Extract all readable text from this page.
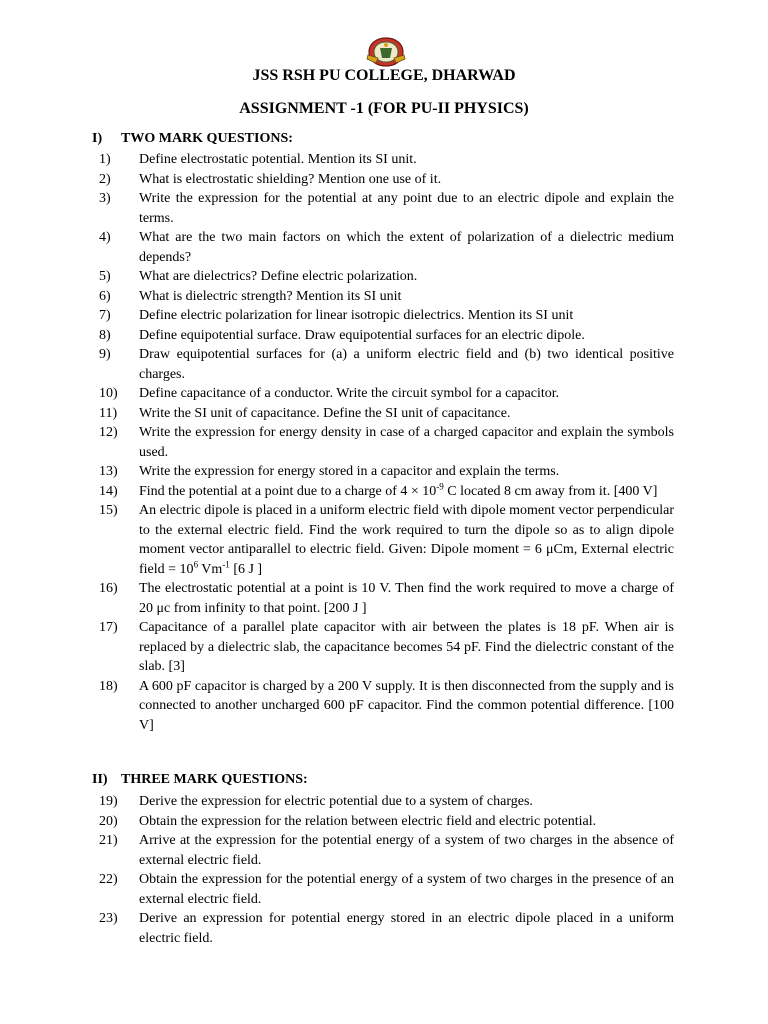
JSS RSH PU COLLEGE, DHARWAD
ASSIGNMENT -1 (FOR PU-II PHYSICS)
I) TWO MARK QUESTIONS:
1) Define electrostatic potential. Mention its SI unit.
2) What is electrostatic shielding? Mention one use of it.
3) Write the expression for the potential at any point due to an electric dipole and explain the terms.
4) What are the two main factors on which the extent of polarization of a dielectric medium depends?
5) What are dielectrics? Define electric polarization.
6) What is dielectric strength? Mention its SI unit
7) Define electric polarization for linear isotropic dielectrics. Mention its SI unit
8) Define equipotential surface. Draw equipotential surfaces for an electric dipole.
9) Draw equipotential surfaces for (a) a uniform electric field and (b) two identical positive charges.
10) Define capacitance of a conductor. Write the circuit symbol for a capacitor.
11) Write the SI unit of capacitance. Define the SI unit of capacitance.
12) Write the expression for energy density in case of a charged capacitor and explain the symbols used.
13) Write the expression for energy stored in a capacitor and explain the terms.
14) Find the potential at a point due to a charge of $4 \times 10^{-9}$ C located 8 cm away from it. [400 V]
15) An electric dipole is placed in a uniform electric field with dipole moment vector perpendicular to the external electric field. Find the work required to turn the dipole so as to align dipole moment vector antiparallel to electric field. Given: Dipole moment = 6 μCm, External electric field = $10^6$ $Vm^{-1}$ [6 J ]
16) The electrostatic potential at a point is 10 V. Then find the work required to move a charge of 20 μc from infinity to that point. [200 J ]
17) Capacitance of a parallel plate capacitor with air between the plates is 18 pF. When air is replaced by a dielectric slab, the capacitance becomes 54 pF. Find the dielectric constant of the slab. [3]
18) A 600 pF capacitor is charged by a 200 V supply. It is then disconnected from the supply and is connected to another uncharged 600 pF capacitor. Find the common potential difference. [100 V]
II) THREE MARK QUESTIONS:
19) Derive the expression for electric potential due to a system of charges.
20) Obtain the expression for the relation between electric field and electric potential.
21) Arrive at the expression for the potential energy of a system of two charges in the absence of external electric field.
22) Obtain the expression for the potential energy of a system of two charges in the presence of an external electric field.
23) Derive an expression for potential energy stored in an electric dipole placed in a uniform electric field.
